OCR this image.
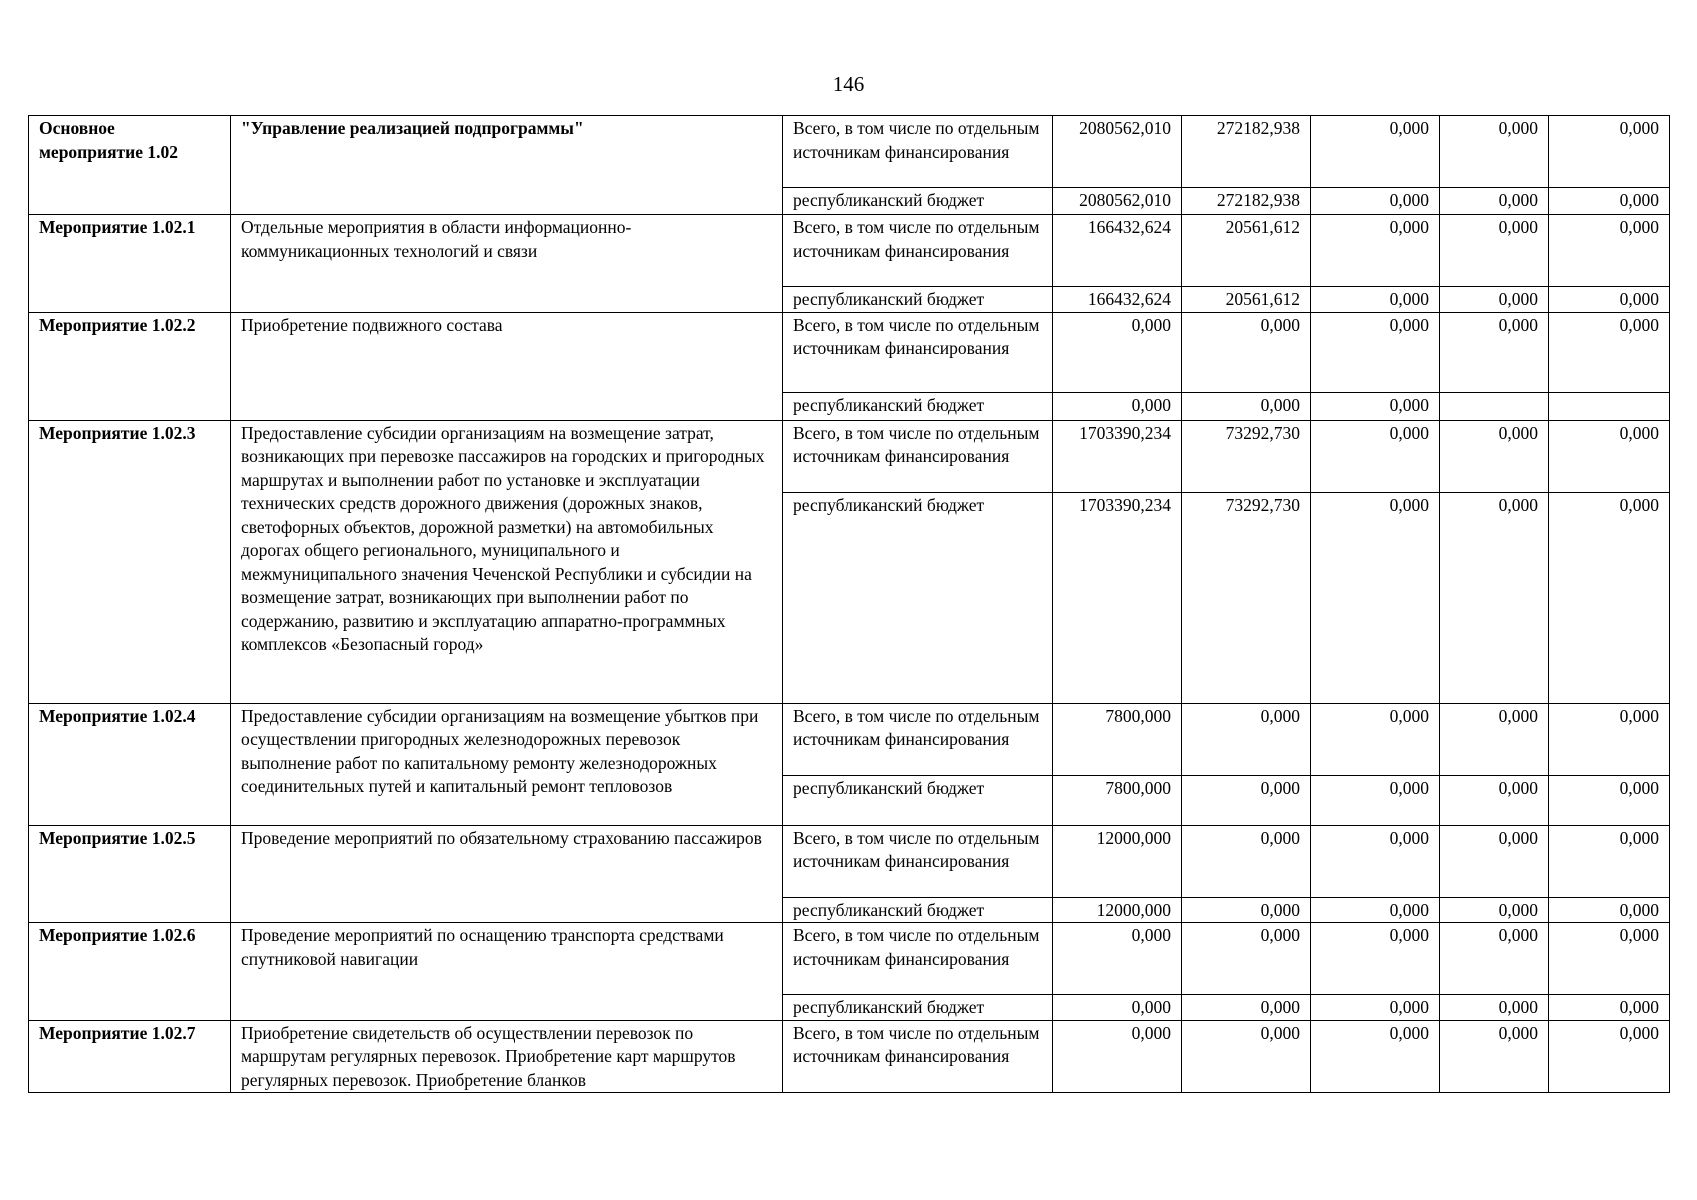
146
Основное мероприятие 1.02	"Управление реализацией подпрограммы"	Всего, в том числе по отдельным источникам финансирования	2080562,010	272182,938	0,000	0,000	0,000
		республиканский бюджет	2080562,010	272182,938	0,000	0,000	0,000
Мероприятие 1.02.1	Отдельные мероприятия в области информационно-коммуникационных технологий и связи	Всего, в том числе по отдельным источникам финансирования	166432,624	20561,612	0,000	0,000	0,000
		республиканский бюджет	166432,624	20561,612	0,000	0,000	0,000
Мероприятие 1.02.2	Приобретение подвижного состава	Всего, в том числе по отдельным источникам финансирования	0,000	0,000	0,000	0,000	0,000
		республиканский бюджет	0,000	0,000	0,000		
Мероприятие 1.02.3	Предоставление субсидии организациям на возмещение затрат, возникающих при перевозке пассажиров на городских и пригородных маршрутах и выполнении работ по установке и эксплуатации технических средств дорожного движения (дорожных знаков, светофорных объектов, дорожной разметки) на автомобильных дорогах общего регионального, муниципального и межмуниципального значения Чеченской Республики и субсидии на возмещение затрат, возникающих при выполнении работ по содержанию, развитию и эксплуатацию аппаратно-программных комплексов «Безопасный город»	Всего, в том числе по отдельным источникам финансирования	1703390,234	73292,730	0,000	0,000	0,000
		республиканский бюджет	1703390,234	73292,730	0,000	0,000	0,000
Мероприятие 1.02.4	Предоставление субсидии организациям на возмещение убытков при осуществлении пригородных железнодорожных перевозок выполнение работ по капитальному ремонту железнодорожных соединительных путей и капитальный ремонт тепловозов	Всего, в том числе по отдельным источникам финансирования	7800,000	0,000	0,000	0,000	0,000
		республиканский бюджет	7800,000	0,000	0,000	0,000	0,000
Мероприятие 1.02.5	Проведение мероприятий по обязательному страхованию пассажиров	Всего, в том числе по отдельным источникам финансирования	12000,000	0,000	0,000	0,000	0,000
		республиканский бюджет	12000,000	0,000	0,000	0,000	0,000
Мероприятие 1.02.6	Проведение мероприятий по оснащению транспорта средствами спутниковой навигации	Всего, в том числе по отдельным источникам финансирования	0,000	0,000	0,000	0,000	0,000
		республиканский бюджет	0,000	0,000	0,000	0,000	0,000
Мероприятие 1.02.7	Приобретение свидетельств об осуществлении перевозок по маршрутам регулярных перевозок. Приобретение карт маршрутов регулярных перевозок. Приобретение бланков	Всего, в том числе по отдельным источникам финансирования	0,000	0,000	0,000	0,000	0,000
